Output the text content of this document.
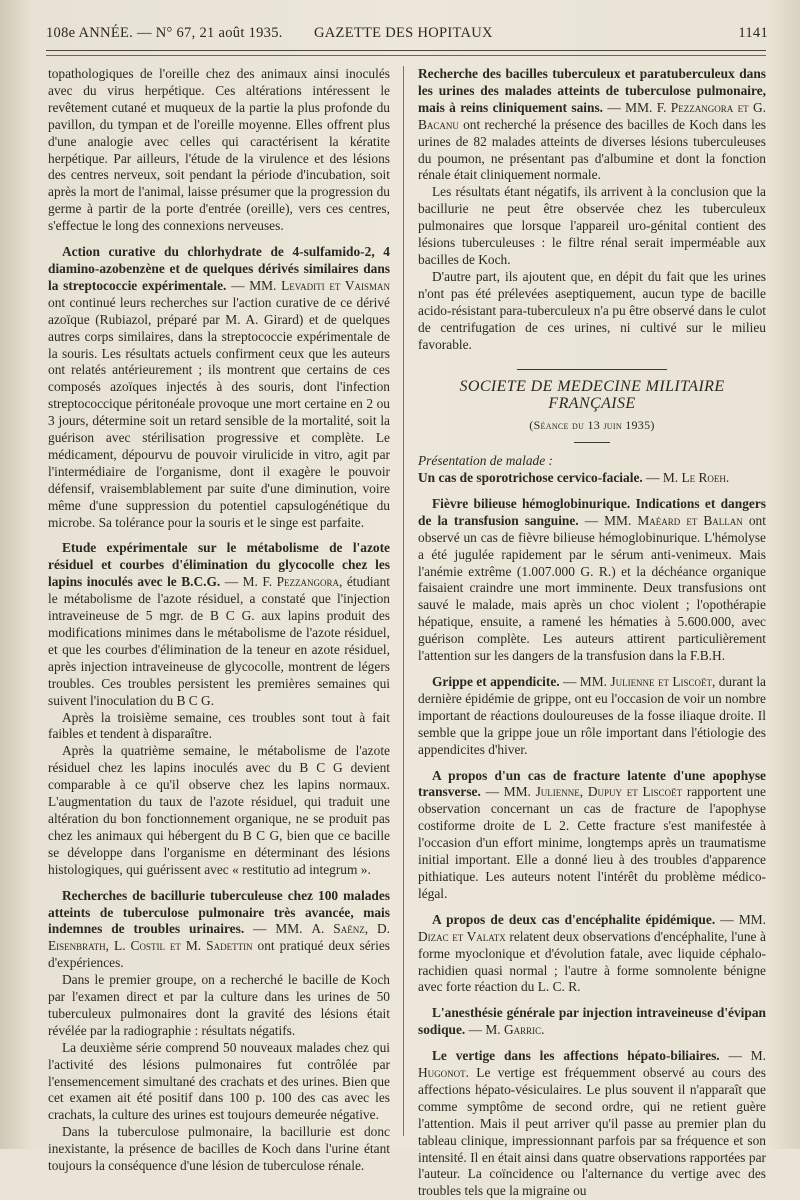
108e ANNÉE. — N° 67, 21 août 1935. GAZETTE DES HOPITAUX	1141

topathologiques de l'oreille chez des animaux ainsi inoculés avec du virus herpétique. Ces altérations intéressent le revêtement cutané et muqueux de la partie la plus profonde du pavillon, du tympan et de l'oreille moyenne. Elles offrent plus d'une analogie avec celles qui caractérisent la kératite herpétique. Par ailleurs, l'étude de la virulence et des lésions des centres nerveux, soit pendant la période d'incubation, soit après la mort de l'animal, laisse présumer que la progression du germe à partir de la porte d'entrée (oreille), vers ces centres, s'effectue le long des connexions nerveuses.

Action curative du chlorhydrate de 4-sulfamido-2, 4 diamino-azobenzène et de quelques dérivés similaires dans la streptococcie expérimentale. — MM. Levaditi et Vaisman ont continué leurs recherches sur l'action curative de ce dérivé azoïque (Rubiazol, préparé par M. A. Girard) et de quelques autres corps similaires, dans la streptococcie expérimentale de la souris. Les résultats actuels confirment ceux que les auteurs ont relatés antérieurement ; ils montrent que certains de ces composés azoïques injectés à des souris, dont l'infection streptococcique péritonéale provoque une mort certaine en 2 ou 3 jours, détermine soit un retard sensible de la mortalité, soit la guérison avec stérilisation progressive et complète. Le médicament, dépourvu de pouvoir virulicide in vitro, agit par l'intermédiaire de l'organisme, dont il exagère le pouvoir défensif, vraisemblablement par suite d'une diminution, voire même d'une suppression du potentiel capsulogénétique du microbe. Sa tolérance pour la souris et le singe est parfaite.

Etude expérimentale sur le métabolisme de l'azote résiduel et courbes d'élimination du glycocolle chez les lapins inoculés avec le B.C.G. — M. F. Pezzangora, étudiant le métabolisme de l'azote résiduel, a constaté que l'injection intraveineuse de 5 mgr. de B C G. aux lapins produit des modifications minimes dans le métabolisme de l'azote résiduel, et que les courbes d'élimination de la teneur en azote résiduel, après injection intraveineuse de glycocolle, montrent de légers troubles. Ces troubles persistent les premières semaines qui suivent l'inoculation du B C G.

Après la troisième semaine, ces troubles sont tout à fait faibles et tendent à disparaître.

Après la quatrième semaine, le métabolisme de l'azote résiduel chez les lapins inoculés avec du B C G devient comparable à ce qu'il observe chez les lapins normaux. L'augmentation du taux de l'azote résiduel, qui traduit une altération du bon fonctionnement organique, ne se produit pas chez les animaux qui hébergent du B C G, bien que ce bacille se développe dans l'organisme en déterminant des lésions histologiques, qui guérissent avec « restitutio ad integrum ».

Recherches de bacillurie tuberculeuse chez 100 malades atteints de tuberculose pulmonaire très avancée, mais indemnes de troubles urinaires. — MM. A. Saënz, D. Eisenbrath, L. Costil et M. Sadettin ont pratiqué deux séries d'expériences.

Dans le premier groupe, on a recherché le bacille de Koch par l'examen direct et par la culture dans les urines de 50 tuberculeux pulmonaires dont la gravité des lésions était révélée par la radiographie : résultats négatifs.

La deuxième série comprend 50 nouveaux malades chez qui l'activité des lésions pulmonaires fut contrôlée par l'ensemencement simultané des crachats et des urines. Bien que cet examen ait été positif dans 100 p. 100 des cas avec les crachats, la culture des urines est toujours demeurée négative.

Dans la tuberculose pulmonaire, la bacillurie est donc inexistante, la présence de bacilles de Koch dans l'urine étant toujours la conséquence d'une lésion de tuberculose rénale.

Recherche des bacilles tuberculeux et paratuberculeux dans les urines des malades atteints de tuberculose pulmonaire, mais à reins cliniquement sains. — MM. F. Pezzangora et G. Bacanu ont recherché la présence des bacilles de Koch dans les urines de 82 malades atteints de diverses lésions tuberculeuses du poumon, ne présentant pas d'albumine et dont la fonction rénale était cliniquement normale.

Les résultats étant négatifs, ils arrivent à la conclusion que la bacillurie ne peut être observée chez les tuberculeux pulmonaires que lorsque l'appareil uro-génital contient des lésions tuberculeuses : le filtre rénal serait imperméable aux bacilles de Koch.

D'autre part, ils ajoutent que, en dépit du fait que les urines n'ont pas été prélevées aseptiquement, aucun type de bacille acido-résistant para-tuberculeux n'a pu être observé dans le culot de centrifugation de ces urines, ni cultivé sur le milieu favorable.

SOCIETE DE MEDECINE MILITAIRE FRANÇAISE
(Séance du 13 juin 1935)

Présentation de malade :

Un cas de sporotrichose cervico-faciale. — M. Le Roeh.

Fièvre bilieuse hémoglobinurique. Indications et dangers de la transfusion sanguine. — MM. Maéard et Ballan ont observé un cas de fièvre bilieuse hémoglobinurique. L'hémolyse a été jugulée rapidement par le sérum anti-venimeux. Mais l'anémie extrême (1.007.000 G. R.) et la déchéance organique faisaient craindre une mort imminente. Deux transfusions ont sauvé le malade, mais après un choc violent ; l'opothérapie hépatique, ensuite, a ramené les hématies à 5.600.000, avec guérison complète. Les auteurs attirent particulièrement l'attention sur les dangers de la transfusion dans la F.B.H.

Grippe et appendicite. — MM. Julienne et Liscoët, durant la dernière épidémie de grippe, ont eu l'occasion de voir un nombre important de réactions douloureuses de la fosse iliaque droite. Il semble que la grippe joue un rôle important dans l'étiologie des appendicites d'hiver.

A propos d'un cas de fracture latente d'une apophyse transverse. — MM. Julienne, Dupuy et Liscoët rapportent une observation concernant un cas de fracture de l'apophyse costiforme droite de L 2. Cette fracture s'est manifestée à l'occasion d'un effort minime, longtemps après un traumatisme initial important. Elle a donné lieu à des troubles d'apparence pithiatique. Les auteurs notent l'intérêt du problème médico-légal.

A propos de deux cas d'encéphalite épidémique. — MM. Dizac et Valatx relatent deux observations d'encéphalite, l'une à forme myoclonique et d'évolution fatale, avec liquide céphalo-rachidien quasi normal ; l'autre à forme somnolente bénigne avec forte réaction du L. C. R.

L'anesthésie générale par injection intraveineuse d'évipan sodique. — M. Garric.

Le vertige dans les affections hépato-biliaires. — M. Hugonot. Le vertige est fréquemment observé au cours des affections hépato-vésiculaires. Le plus souvent il n'apparaît que comme symptôme de second ordre, qui ne retient guère l'attention. Mais il peut arriver qu'il passe au premier plan du tableau clinique, impressionnant parfois par sa fréquence et son intensité. Il en était ainsi dans quatre observations rapportées par l'auteur. La coïncidence ou l'alternance du vertige avec des troubles tels que la migraine ou
